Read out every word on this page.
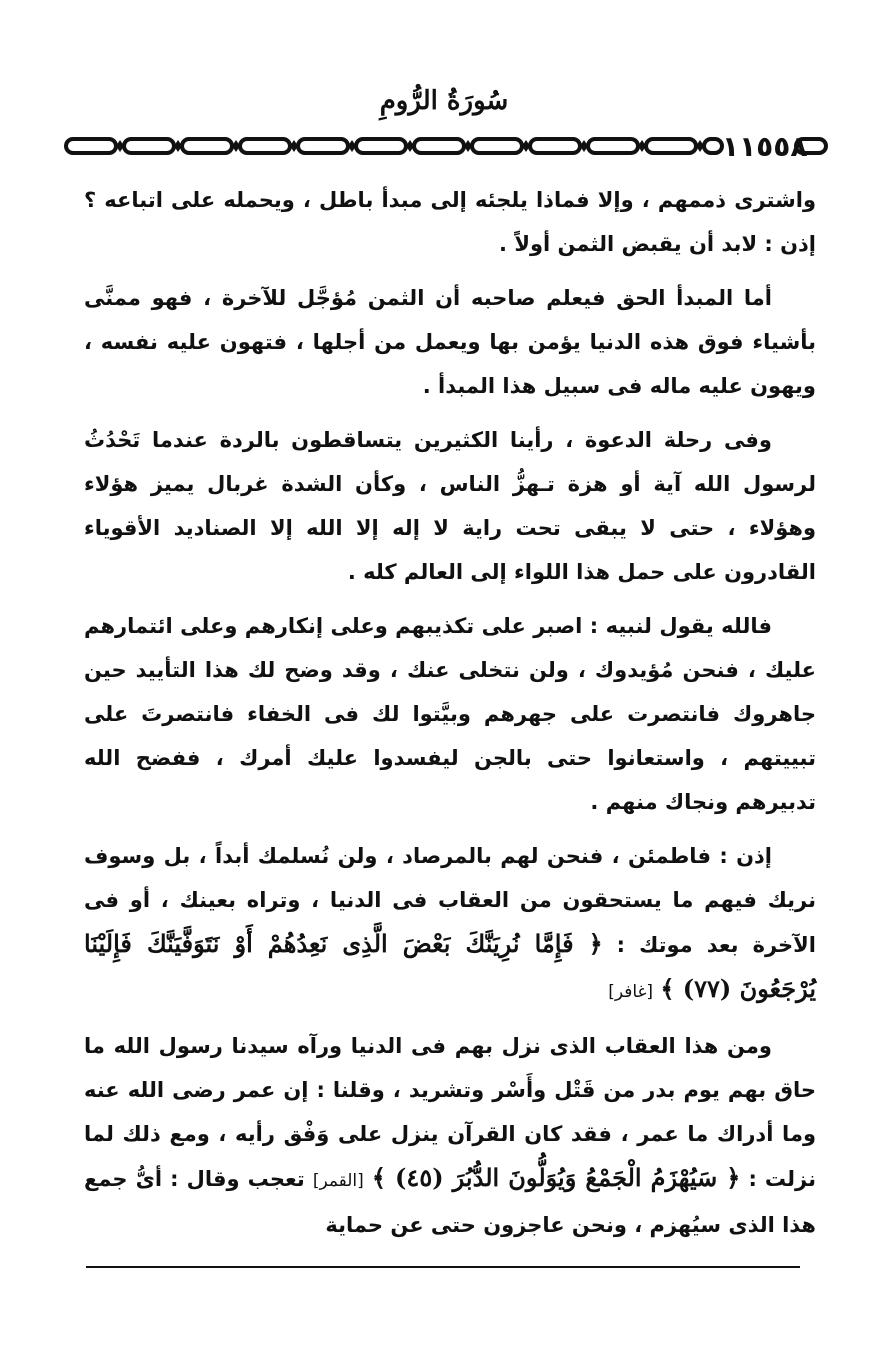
سُورَةُ الرُّومِ
١١٥٥٨

واشترى ذممهم ، وإلا فماذا يلجئه إلى مبدأ باطل ، ويحمله على اتباعه ؟ إذن : لابد أن يقبض الثمن أولاً .

أما المبدأ الحق فيعلم صاحبه أن الثمن مُؤجَّل للآخرة ، فهو ممنَّى بأشياء فوق هذه الدنيا يؤمن بها ويعمل من أجلها ، فتهون عليه نفسه ، ويهون عليه ماله فى سبيل هذا المبدأ .

وفى رحلة الدعوة ، رأينا الكثيرين يتساقطون بالردة عندما تَحْدُثُ لرسول الله آية أو هزة تـهزُّ الناس ، وكأن الشدة غربال يميز هؤلاء وهؤلاء ، حتى لا يبقى تحت راية لا إله إلا الله إلا الصناديد الأقوياء القادرون على حمل هذا اللواء إلى العالم كله .

فالله يقول لنبيه : اصبر على تكذيبهم وعلى إنكارهم وعلى ائتمارهم عليك ، فنحن مُؤيدوك ، ولن نتخلى عنك ، وقد وضح لك هذا التأييد حين جاهروك فانتصرت على جهرهم وبيَّتوا لك فى الخفاء فانتصرتَ على تبييتهم ، واستعانوا حتى بالجن ليفسدوا عليك أمرك ، ففضح الله تدبيرهم ونجاك منهم .

إذن : فاطمئن ، فنحن لهم بالمرصاد ، ولن نُسلمك أبداً ، بل وسوف نريك فيهم ما يستحقون من العقاب فى الدنيا ، وتراه بعينك ، أو فى الآخرة بعد موتك : ﴿ فَإِمَّا نُرِيَنَّكَ بَعْضَ الَّذِى نَعِدُهُمْ أَوْ نَتَوَفَّيَنَّكَ فَإِلَيْنَا يُرْجَعُونَ (٧٧) ﴾ [غافر]
ومن هذا العقاب الذى نزل بهم فى الدنيا ورآه سيدنا رسول الله ما حاق بهم يوم بدر من قَتْل وأَسْر وتشريد ، وقلنا : إن عمر رضى الله عنه وما أدراك ما عمر ، فقد كان القرآن ينزل على وَفْق رأيه ، ومع ذلك لما نزلت : ﴿ سَيُهْزَمُ الْجَمْعُ وَيُوَلُّونَ الدُّبُرَ (٤٥) ﴾ [القمر] تعجب وقال : أىُّ جمع هذا الذى سيُهزم ، ونحن عاجزون حتى عن حماية
